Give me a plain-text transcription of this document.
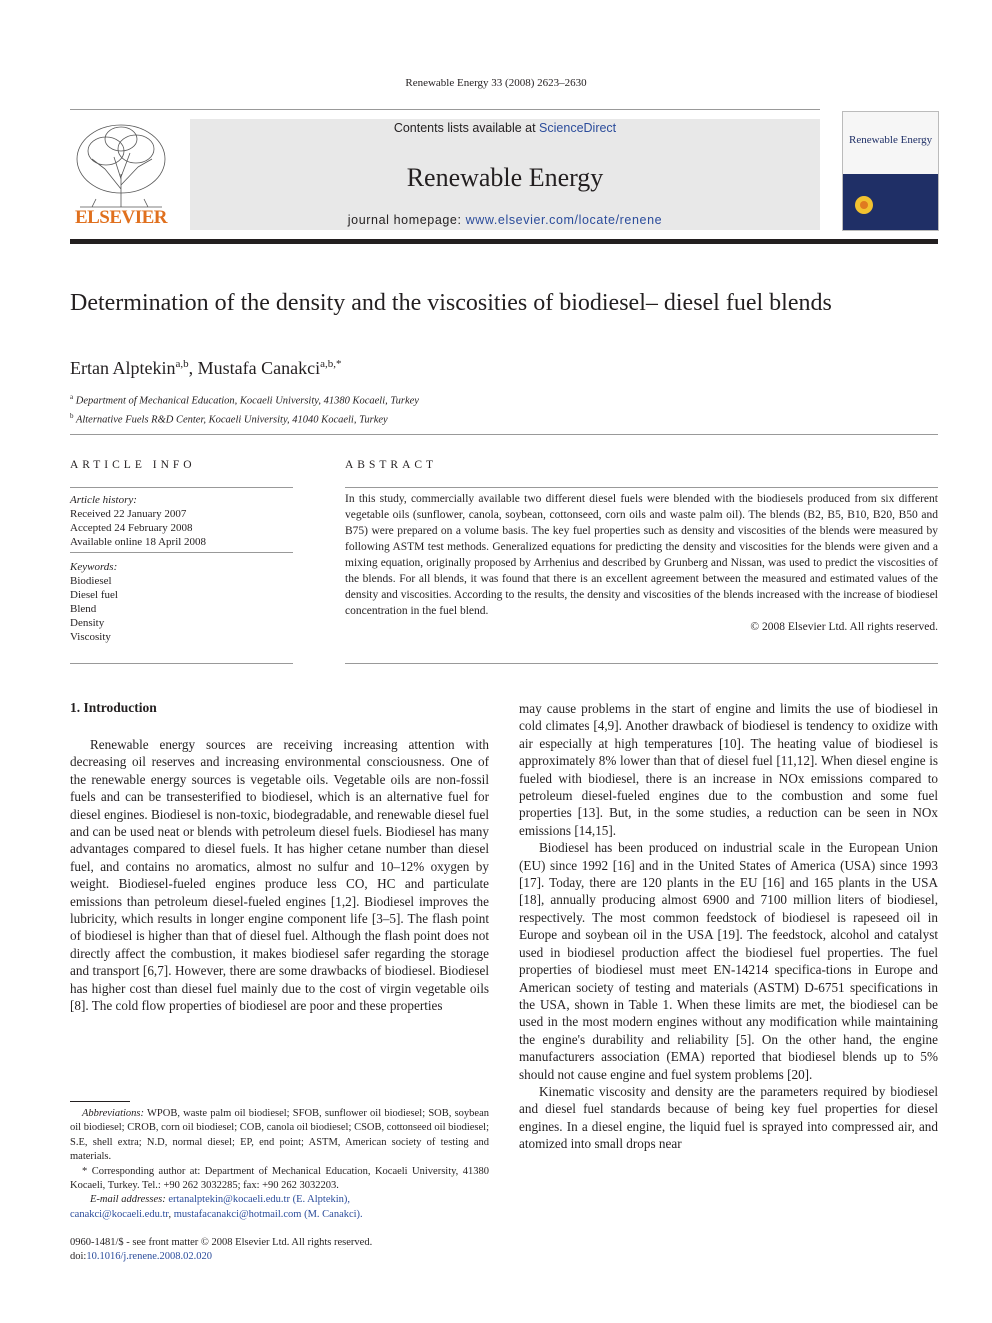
Renewable Energy 33 (2008) 2623–2630
ELSEVIER
Contents lists available at ScienceDirect
Renewable Energy
journal homepage: www.elsevier.com/locate/renene
Renewable Energy
Determination of the density and the viscosities of biodiesel– diesel fuel blends
Ertan Alptekin$^{a,b}$, Mustafa Canakci$^{a,b,*}$
$^a$ Department of Mechanical Education, Kocaeli University, 41380 Kocaeli, Turkey
$^b$ Alternative Fuels R&D Center, Kocaeli University, 41040 Kocaeli, Turkey
ARTICLE INFO
Article history:
Received 22 January 2007
Accepted 24 February 2008
Available online 18 April 2008
Keywords:
Biodiesel
Diesel fuel
Blend
Density
Viscosity
ABSTRACT
In this study, commercially available two different diesel fuels were blended with the biodiesels produced from six different vegetable oils (sunflower, canola, soybean, cottonseed, corn oils and waste palm oil). The blends (B2, B5, B10, B20, B50 and B75) were prepared on a volume basis. The key fuel properties such as density and viscosities of the blends were measured by following ASTM test methods. Generalized equations for predicting the density and viscosities for the blends were given and a mixing equation, originally proposed by Arrhenius and described by Grunberg and Nissan, was used to predict the viscosities of the blends. For all blends, it was found that there is an excellent agreement between the measured and estimated values of the density and viscosities. According to the results, the density and viscosities of the blends increased with the increase of biodiesel concentration in the fuel blend.
© 2008 Elsevier Ltd. All rights reserved.
1. Introduction

Renewable energy sources are receiving increasing attention with decreasing oil reserves and increasing environmental consciousness. One of the renewable energy sources is vegetable oils. Vegetable oils are non-fossil fuels and can be transesterified to biodiesel, which is an alternative fuel for diesel engines. Biodiesel is non-toxic, biodegradable, and renewable diesel fuel and can be used neat or blends with petroleum diesel fuels. Biodiesel has many advantages compared to diesel fuels. It has higher cetane number than diesel fuel, and contains no aromatics, almost no sulfur and 10–12% oxygen by weight. Biodiesel-fueled engines produce less CO, HC and particulate emissions than petroleum diesel-fueled engines [1,2]. Biodiesel improves the lubricity, which results in longer engine component life [3–5]. The flash point of biodiesel is higher than that of diesel fuel. Although the flash point does not directly affect the combustion, it makes biodiesel safer regarding the storage and transport [6,7]. However, there are some drawbacks of biodiesel. Biodiesel has higher cost than diesel fuel mainly due to the cost of virgin vegetable oils [8]. The cold flow properties of biodiesel are poor and these properties

may cause problems in the start of engine and limits the use of biodiesel in cold climates [4,9]. Another drawback of biodiesel is tendency to oxidize with air especially at high temperatures [10]. The heating value of biodiesel is approximately 8% lower than that of diesel fuel [11,12]. When diesel engine is fueled with biodiesel, there is an increase in NOx emissions compared to petroleum diesel-fueled engines due to the combustion and some fuel properties [13]. But, in the some studies, a reduction can be seen in NOx emissions [14,15].

Biodiesel has been produced on industrial scale in the European Union (EU) since 1992 [16] and in the United States of America (USA) since 1993 [17]. Today, there are 120 plants in the EU [16] and 165 plants in the USA [18], annually producing almost 6900 and 7100 million liters of biodiesel, respectively. The most common feedstock of biodiesel is rapeseed oil in Europe and soybean oil in the USA [19]. The feedstock, alcohol and catalyst used in biodiesel production affect the biodiesel fuel properties. The fuel properties of biodiesel must meet EN-14214 specifica-tions in Europe and American society of testing and materials (ASTM) D-6751 specifications in the USA, shown in Table 1. When these limits are met, the biodiesel can be used in the most modern engines without any modification while maintaining the engine's durability and reliability [5]. On the other hand, the engine manufacturers association (EMA) reported that biodiesel blends up to 5% should not cause engine and fuel system problems [20].

Kinematic viscosity and density are the parameters required by biodiesel and diesel fuel standards because of being key fuel properties for diesel engines. In a diesel engine, the liquid fuel is sprayed into compressed air, and atomized into small drops near

Abbreviations: WPOB, waste palm oil biodiesel; SFOB, sunflower oil biodiesel; SOB, soybean oil biodiesel; CROB, corn oil biodiesel; COB, canola oil biodiesel; CSOB, cottonseed oil biodiesel; S.E, shell extra; N.D, normal diesel; EP, end point; ASTM, American society of testing and materials.
* Corresponding author at: Department of Mechanical Education, Kocaeli University, 41380 Kocaeli, Turkey. Tel.: +90 262 3032285; fax: +90 262 3032203.
E-mail addresses: ertanalptekin@kocaeli.edu.tr (E. Alptekin),
canakci@kocaeli.edu.tr, mustafacanakci@hotmail.com (M. Canakci).
0960-1481/$ - see front matter © 2008 Elsevier Ltd. All rights reserved.
doi:10.1016/j.renene.2008.02.020
